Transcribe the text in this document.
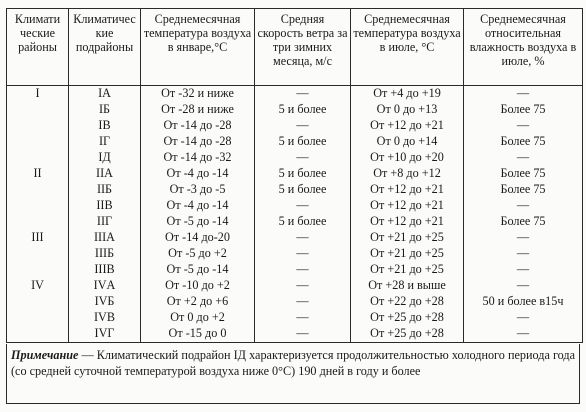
Климати ческие районы	Климатичес кие подрайоны	Среднемесячная температура воздуха в январе,°С	Средняя скорость ветра за три зимних месяца, м/с	Среднемесячная температура воздуха в июле, °С	Среднемесячная относительная влажность воздуха в июле, %
I	IА	От -32 и ниже	—	От +4 до +19	—
	IБ	От -28 и ниже	5 и более	От 0 до +13	Более 75
	IВ	От -14 до -28	—	От +12 до +21	—
	IГ	От -14 до -28	5 и более	От 0 до +14	Более 75
	IД	От -14 до -32	—	От +10 до +20	—
II	IIА	От -4 до -14	5 и более	От +8 до +12	Более 75
	IIБ	От -3 до -5	5 и более	От +12 до +21	Более 75
	IIВ	От -4 до -14	—	От +12 до +21	—
	IIГ	От -5 до -14	5 и более	От +12 до +21	Более 75
III	IIIА	От -14 до-20	—	От +21 до +25	—
	IIIБ	От -5 до +2	—	От +21 до +25	—
	IIIВ	От -5 до -14	—	От +21 до +25	—
IV	IVА	От -10 до +2	—	От +28 и выше	—
	IVБ	От +2 до +6	—	От +22 до +28	50 и более в15ч
	IVВ	От 0 до +2	—	От +25 до +28	—
	IVГ	От -15 до 0	—	От +25 до +28	—
Примечание — Климатический подрайон IД характеризуется продолжительностью холодного периода года (со средней суточной температурой воздуха ниже 0°С) 190 дней в году и более
